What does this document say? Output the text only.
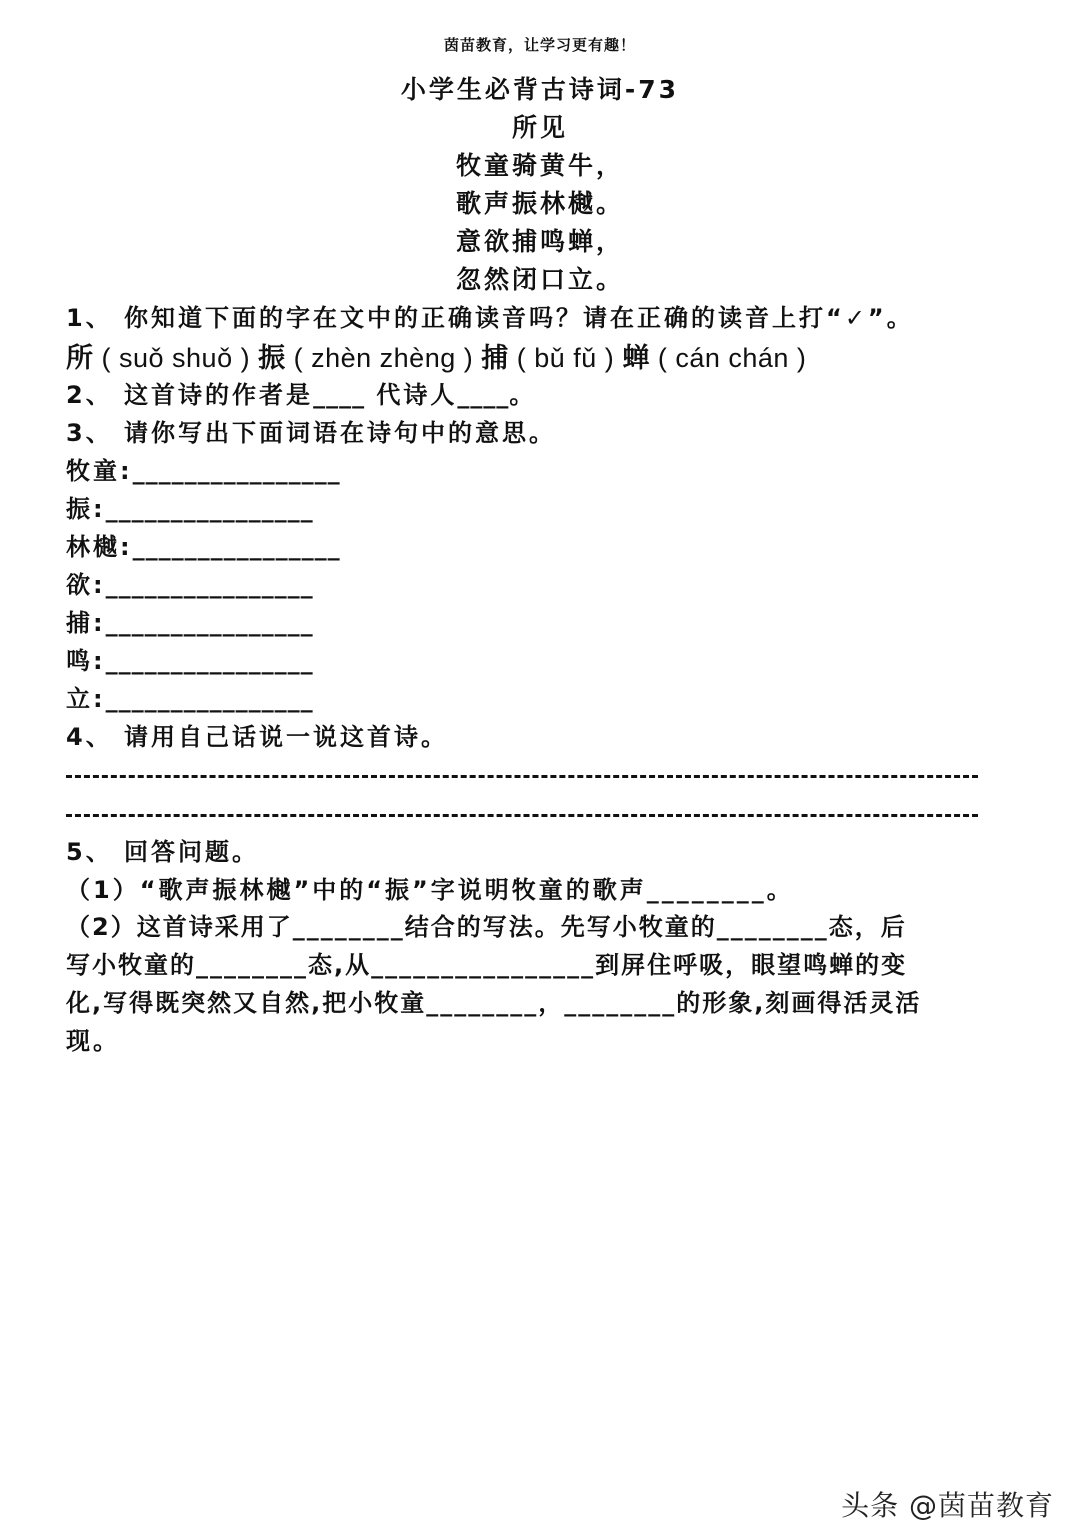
茵苗教育，让学习更有趣！
小学生必背古诗词-73
所见
牧童骑黄牛，
歌声振林樾。
意欲捕鸣蝉，
忽然闭口立。
1、 你知道下面的字在文中的正确读音吗？请在正确的读音上打“✓”。
所 ( suǒ shuǒ ) 振 ( zhèn zhèng ) 捕 ( bǔ fǔ ) 蝉 ( cán chán )
2、 这首诗的作者是____ 代诗人____。
3、 请你写出下面词语在诗句中的意思。
牧童:________________
振:________________
林樾:________________
欲:________________
捕:________________
鸣:________________
立:________________
4、 请用自己话说一说这首诗。
5、 回答问题。
（1）“歌声振林樾”中的“振”字说明牧童的歌声________。
（2）这首诗采用了________结合的写法。先写小牧童的________态，后
写小牧童的________态,从________________到屏住呼吸，眼望鸣蝉的变
化,写得既突然又自然,把小牧童________，________的形象,刻画得活灵活
现。
头条 @茵苗教育
